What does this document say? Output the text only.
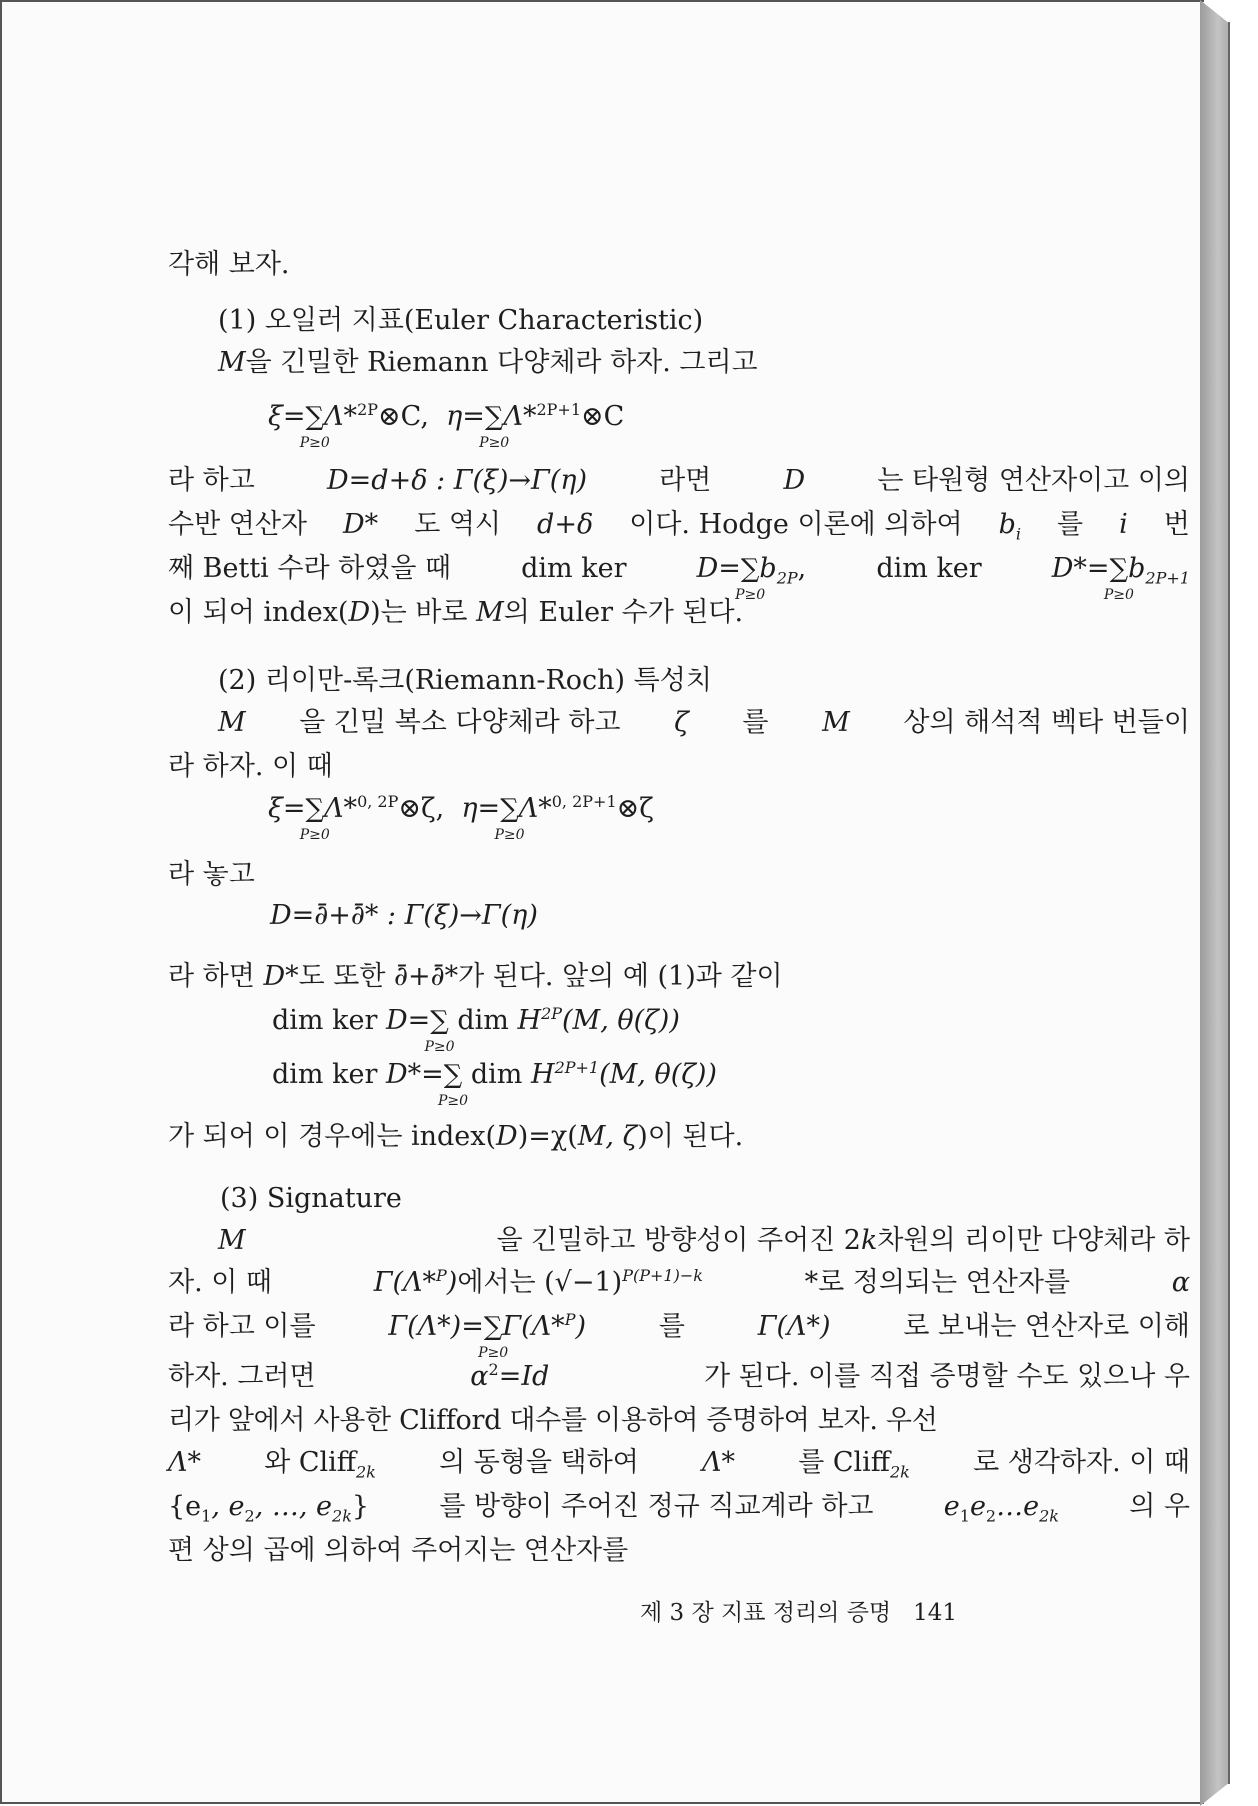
각해 보자.
(1) 오일러 지표(Euler Characteristic)
M을 긴밀한 Riemann 다양체라 하자. 그리고
ξ=∑
P≥0
Λ*$^{2P}$⊗C, η=∑
P≥0
Λ*$^{2P+1}$⊗C
라 하고	D=d+δ : Γ(ξ)→Γ(η)	라면	D	는 타원형 연산자이고 이의
수반 연산자 D* 도 역시 d+δ 이다. Hodge 이론에 의하여 $b_i$ 를 i 번
째 Betti 수라 하였을 때	dim ker	D=∑
P≥0
$b_{2P}$,	dim ker	D*=∑
P≥0
$b_{2P+1}$
이 되어 index(D)는 바로 M의 Euler 수가 된다.
(2) 리이만-록크(Riemann-Roch) 특성치
M 을 긴밀 복소 다양체라 하고 ζ 를 M 상의 해석적 벡타 번들이
라 하자. 이 때
ξ=∑
P≥0
Λ*$^{0, 2P}$⊗ζ, η=∑
P≥0
Λ*$^{0, 2P+1}$⊗ζ
라 놓고
D=∂̄+∂̄* : Γ(ξ)→Γ(η)
라 하면 D*도 또한 ∂̄+∂̄*가 된다. 앞의 예 (1)과 같이
dim ker D=∑
P≥0
dim $H^{2P}(M$, θ(ζ))
dim ker D*=∑
P≥0
dim $H^{2P+1}(M$, θ(ζ))
가 되어 이 경우에는 index(D)=χ(M, ζ)이 된다.
(3) Signature
M	을 긴밀하고 방향성이 주어진 2k차원의 리이만 다양체라 하
자. 이 때	Γ(Λ*$^P$)에서는 $(√-1)^{P(P+1)-k}$	*로 정의되는 연산자를	α
라 하고 이를	Γ(Λ*)=∑
P≥0
Γ(Λ*$^P$)	를	Γ(Λ*)	로 보내는 연산자로 이해
하자. 그러면	$\alpha^2=Id$	가 된다. 이를 직접 증명할 수도 있으나 우
리가 앞에서 사용한 Clifford 대수를 이용하여 증명하여 보자. 우선
Λ* 와 Cliff$_{2k}$ 의 동형을 택하여 Λ* 를 Cliff$_{2k}$ 로 생각하자. 이 때
{$e_1$, $e_2$, …, $e_{2k}$}	를 방향이 주어진 정규 직교계라 하고	$e_1e_2\dots e_{2k}$	의 우
편 상의 곱에 의하여 주어지는 연산자를
제 3 장 지표 정리의 증명 141
